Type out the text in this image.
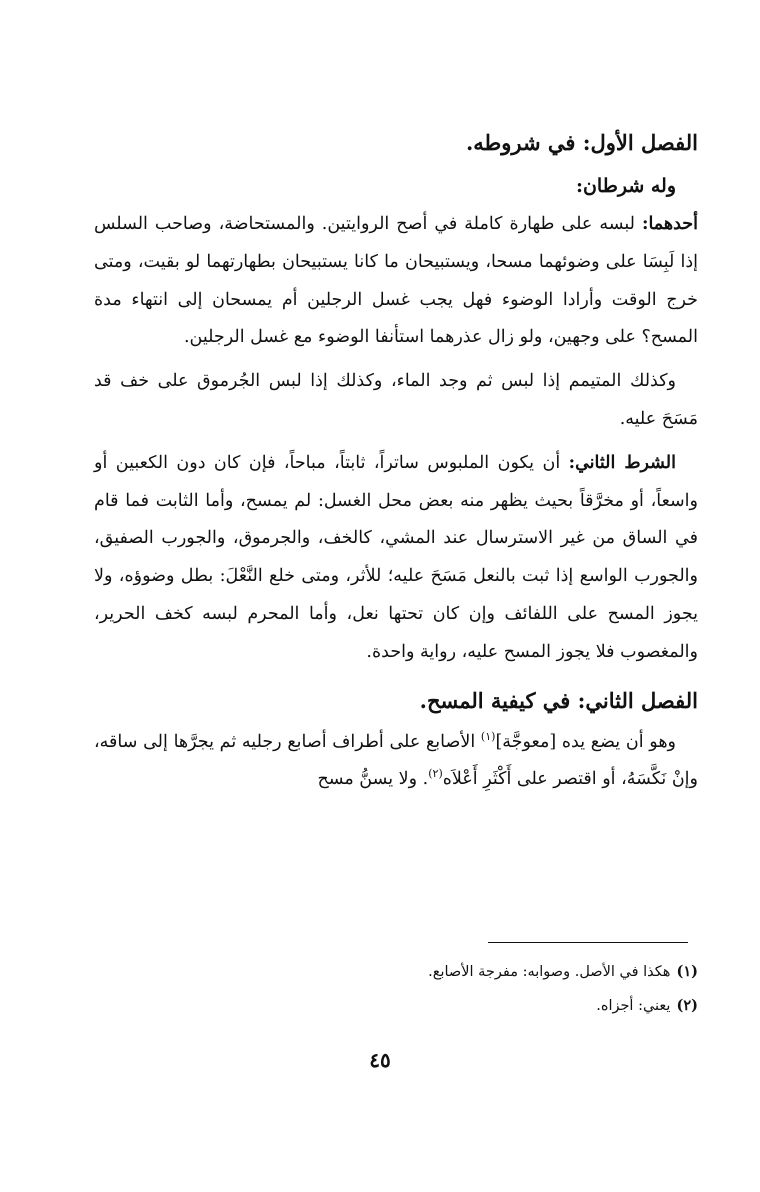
الفصل الأول: في شروطه.
وله شرطان:

أحدهما: لبسه على طهارة كاملة في أصح الروايتين. والمستحاضة، وصاحب السلس إذا لَبِسَا على وضوئهما مسحا، ويستبيحان ما كانا يستبيحان بطهارتهما لو بقيت، ومتى خرج الوقت وأرادا الوضوء فهل يجب غسل الرجلين أم يمسحان إلى انتهاء مدة المسح؟ على وجهين، ولو زال عذرهما استأنفا الوضوء مع غسل الرجلين.

وكذلك المتيمم إذا لبس ثم وجد الماء، وكذلك إذا لبس الجُرموق على خف قد مَسَحَ عليه.

الشرط الثاني: أن يكون الملبوس ساتراً، ثابتاً، مباحاً، فإن كان دون الكعبين أو واسعاً، أو مخرَّقاً بحيث يظهر منه بعض محل الغسل: لم يمسح، وأما الثابت فما قام في الساق من غير الاسترسال عند المشي، كالخف، والجرموق، والجورب الصفيق، والجورب الواسع إذا ثبت بالنعل مَسَحَ عليه؛ للأثر، ومتى خلع النَّعْلَ: بطل وضوؤه، ولا يجوز المسح على اللفائف وإن كان تحتها نعل، وأما المحرم لبسه كخف الحرير، والمغصوب فلا يجوز المسح عليه، رواية واحدة.

الفصل الثاني: في كيفية المسح.

وهو أن يضع يده [معوجَّة]$^{(١)}$ الأصابع على أطراف أصابع رجليه ثم يجرَّها إلى ساقه، وإنْ نَكَّسَهُ، أو اقتصر على أَكْثَرِ أَعْلاَه$^{(٢)}$. ولا يسنُّ مسح

(١)هكذا في الأصل. وصوابه: مفرجة الأصابع.
(٢)يعني: أجزاه.
٤٥
